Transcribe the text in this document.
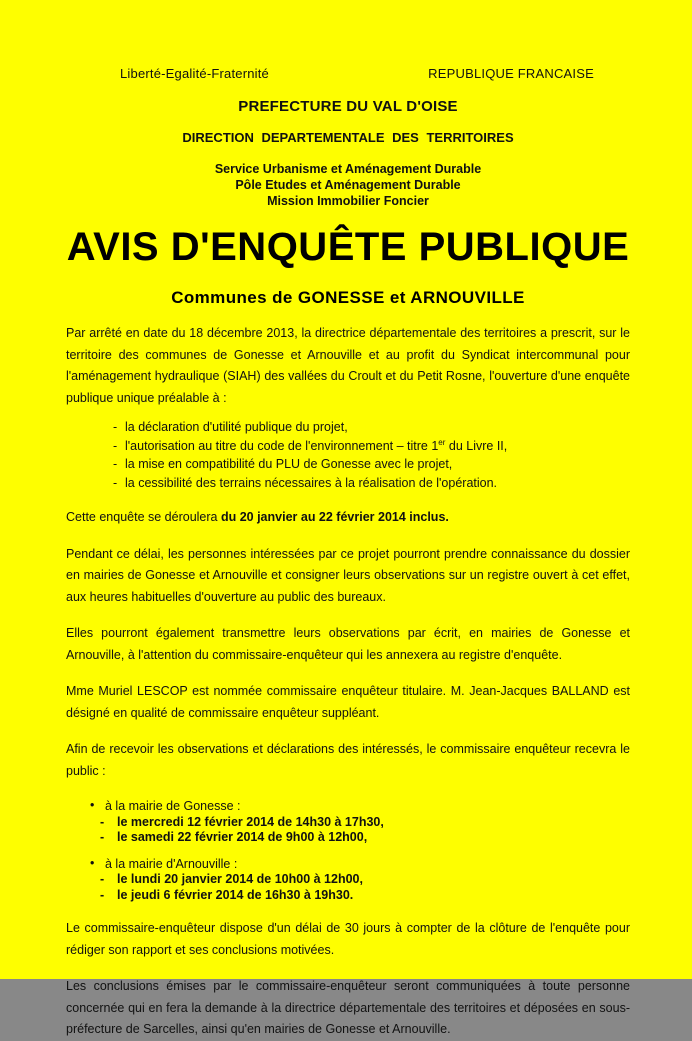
Liberté-Egalité-Fraternité	REPUBLIQUE FRANCAISE
PREFECTURE DU VAL D'OISE
DIRECTION DEPARTEMENTALE DES TERRITOIRES
Service Urbanisme et Aménagement Durable
Pôle Etudes et Aménagement Durable
Mission Immobilier Foncier
AVIS D'ENQUÊTE PUBLIQUE
Communes de GONESSE et ARNOUVILLE

Par arrêté en date du 18 décembre 2013, la directrice départementale des territoires a prescrit, sur le territoire des communes de Gonesse et Arnouville et au profit du Syndicat intercommunal pour l'aménagement hydraulique (SIAH) des vallées du Croult et du Petit Rosne, l'ouverture d'une enquête publique unique préalable à :

- la déclaration d'utilité publique du projet,
- l'autorisation au titre du code de l'environnement – titre 1er du Livre II,
- la mise en compatibilité du PLU de Gonesse avec le projet,
- la cessibilité des terrains nécessaires à la réalisation de l'opération.

Cette enquête se déroulera du 20 janvier au 22 février 2014 inclus.

Pendant ce délai, les personnes intéressées par ce projet pourront prendre connaissance du dossier en mairies de Gonesse et Arnouville et consigner leurs observations sur un registre ouvert à cet effet, aux heures habituelles d'ouverture au public des bureaux.

Elles pourront également transmettre leurs observations par écrit, en mairies de Gonesse et Arnouville, à l'attention du commissaire-enquêteur qui les annexera au registre d'enquête.

Mme Muriel LESCOP est nommée commissaire enquêteur titulaire. M. Jean-Jacques BALLAND est désigné en qualité de commissaire enquêteur suppléant.

Afin de recevoir les observations et déclarations des intéressés, le commissaire enquêteur recevra le public :

• à la mairie de Gonesse :
- le mercredi 12 février 2014 de 14h30 à 17h30,
- le samedi 22 février 2014 de 9h00 à 12h00,
• à la mairie d'Arnouville :
- le lundi 20 janvier 2014 de 10h00 à 12h00,
- le jeudi 6 février 2014 de 16h30 à 19h30.

Le commissaire-enquêteur dispose d'un délai de 30 jours à compter de la clôture de l'enquête pour rédiger son rapport et ses conclusions motivées.

Les conclusions émises par le commissaire-enquêteur seront communiquées à toute personne concernée qui en fera la demande à la directrice départementale des territoires et déposées en sous-préfecture de Sarcelles, ainsi qu'en mairies de Gonesse et Arnouville.
